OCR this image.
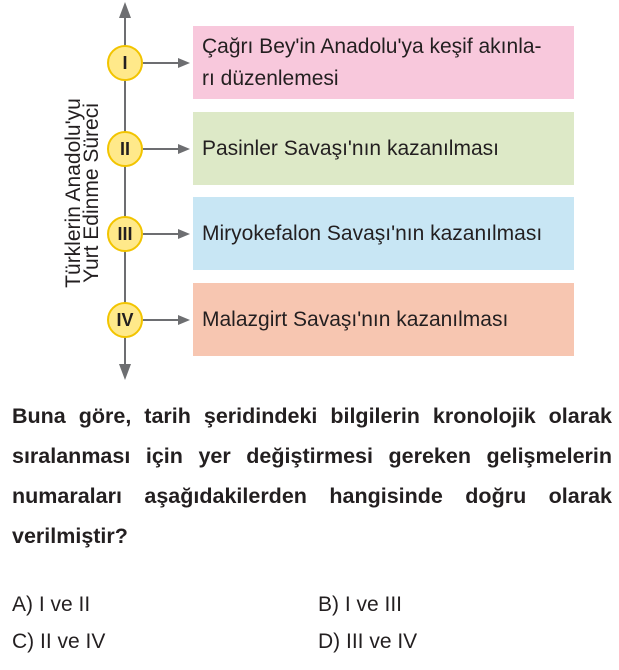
Türklerin Anadolu'yu
Yurt Edinme Süreci
I
II
III
IV
Çağrı Bey'in Anadolu'ya keşif akınla-
rı düzenlemesi
Pasinler Savaşı'nın kazanılması
Miryokefalon Savaşı'nın kazanılması
Malazgirt Savaşı'nın kazanılması
Buna göre, tarih şeridindeki bilgilerin kronolojik olarak sıralanması için yer değiştirmesi gereken gelişmelerin numaraları aşağıdakilerden hangisinde doğru olarak verilmiştir?
A) I ve II	B) I ve III
C) II ve IV	D) III ve IV
